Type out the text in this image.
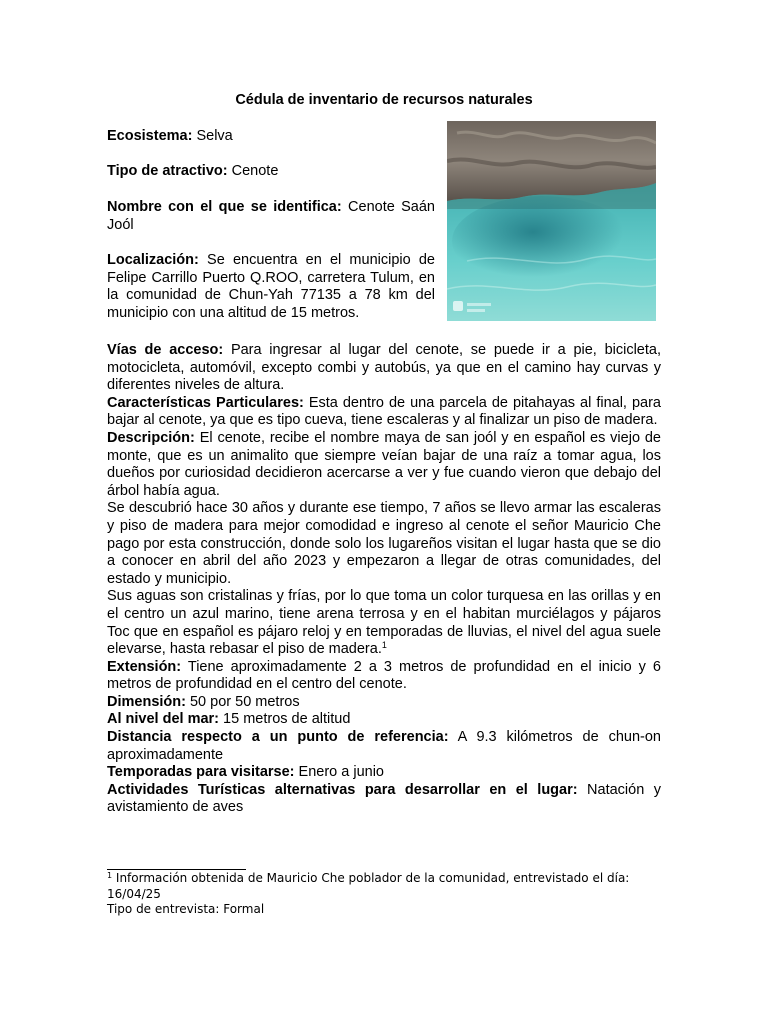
Cédula de inventario de recursos naturales
Ecosistema: Selva
Tipo de atractivo: Cenote
Nombre con el que se identifica: Cenote Saán Joól
Localización: Se encuentra en el municipio de Felipe Carrillo Puerto Q.ROO, carretera Tulum, en la comunidad de Chun-Yah 77135 a 78 km del municipio con una altitud de 15 metros.
Vías de acceso: Para ingresar al lugar del cenote, se puede ir a pie, bicicleta, motocicleta, automóvil, excepto combi y autobús, ya que en el camino hay curvas y diferentes niveles de altura.
Características Particulares: Esta dentro de una parcela de pitahayas al final, para bajar al cenote, ya que es tipo cueva, tiene escaleras y al finalizar un piso de madera.
Descripción: El cenote, recibe el nombre maya de san joól y en español es viejo de monte, que es un animalito que siempre veían bajar de una raíz a tomar agua, los dueños por curiosidad decidieron acercarse a ver y fue cuando vieron que debajo del árbol había agua.
Se descubrió hace 30 años y durante ese tiempo, 7 años se llevo armar las escaleras y piso de madera para mejor comodidad e ingreso al cenote el señor Mauricio Che pago por esta construcción, donde solo los lugareños visitan el lugar hasta que se dio a conocer en abril del año 2023 y empezaron a llegar de otras comunidades, del estado y municipio.
Sus aguas son cristalinas y frías, por lo que toma un color turquesa en las orillas y en el centro un azul marino, tiene arena terrosa y en el habitan murciélagos y pájaros Toc que en español es pájaro reloj y en temporadas de lluvias, el nivel del agua suele elevarse, hasta rebasar el piso de madera.$^1$
Extensión: Tiene aproximadamente 2 a 3 metros de profundidad en el inicio y 6 metros de profundidad en el centro del cenote.
Dimensión: 50 por 50 metros
Al nivel del mar: 15 metros de altitud
Distancia respecto a un punto de referencia: A 9.3 kilómetros de chun-on aproximadamente
Temporadas para visitarse: Enero a junio
Actividades Turísticas alternativas para desarrollar en el lugar: Natación y avistamiento de aves
$^1$ Información obtenida de Mauricio Che poblador de la comunidad, entrevistado el día: 16/04/25
Tipo de entrevista: Formal
